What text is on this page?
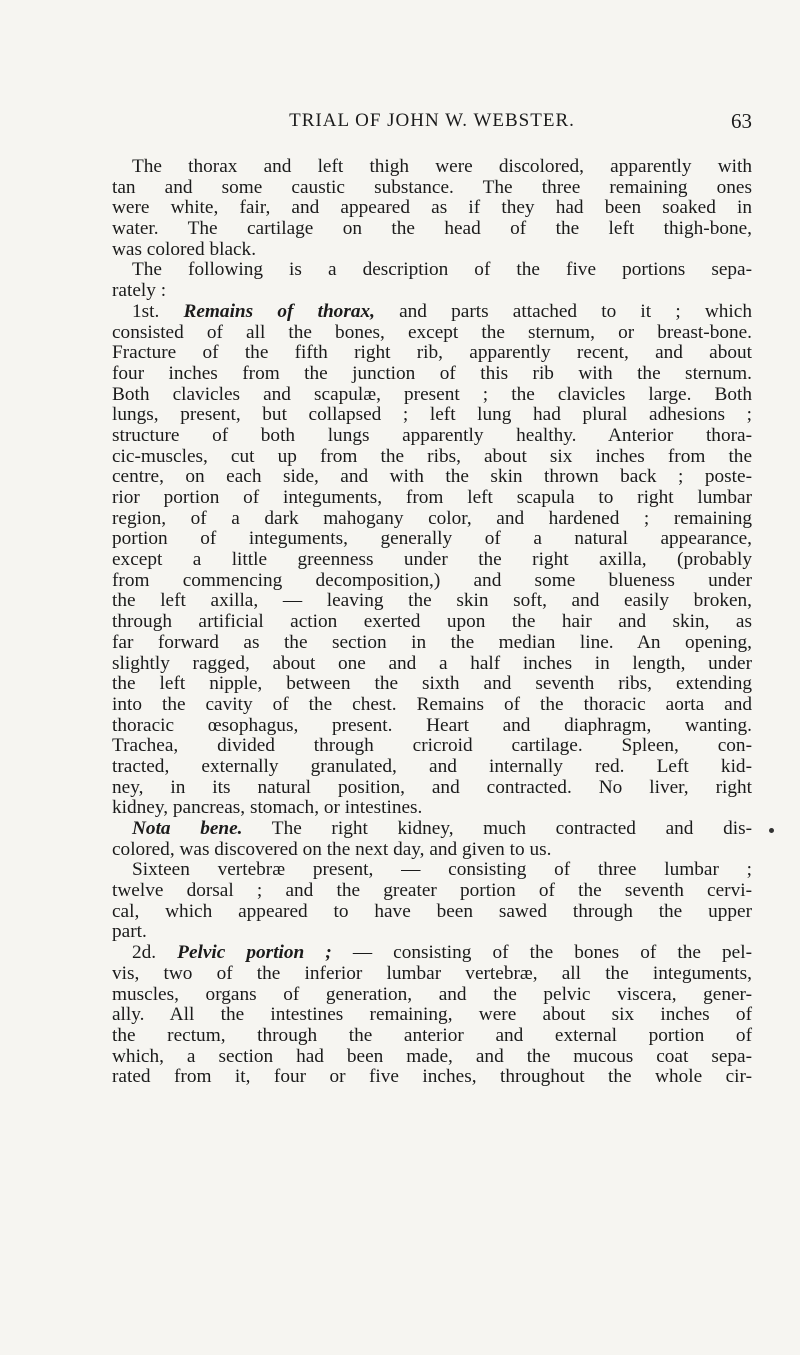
TRIAL OF JOHN W. WEBSTER.	63
The thorax and left thigh were discolored, apparently with
tan and some caustic substance. The three remaining ones
were white, fair, and appeared as if they had been soaked in
water. The cartilage on the head of the left thigh-bone,
was colored black.
The following is a description of the five portions sepa-
rately :
1st. Remains of thorax, and parts attached to it ; which
consisted of all the bones, except the sternum, or breast-bone.
Fracture of the fifth right rib, apparently recent, and about
four inches from the junction of this rib with the sternum.
Both clavicles and scapulæ, present ; the clavicles large. Both
lungs, present, but collapsed ; left lung had plural adhesions ;
structure of both lungs apparently healthy. Anterior thora-
cic-muscles, cut up from the ribs, about six inches from the
centre, on each side, and with the skin thrown back ; poste-
rior portion of integuments, from left scapula to right lumbar
region, of a dark mahogany color, and hardened ; remaining
portion of integuments, generally of a natural appearance,
except a little greenness under the right axilla, (probably
from commencing decomposition,) and some blueness under
the left axilla, — leaving the skin soft, and easily broken,
through artificial action exerted upon the hair and skin, as
far forward as the section in the median line. An opening,
slightly ragged, about one and a half inches in length, under
the left nipple, between the sixth and seventh ribs, extending
into the cavity of the chest. Remains of the thoracic aorta and
thoracic œsophagus, present. Heart and diaphragm, wanting.
Trachea, divided through cricroid cartilage. Spleen, con-
tracted, externally granulated, and internally red. Left kid-
ney, in its natural position, and contracted. No liver, right
kidney, pancreas, stomach, or intestines.
Nota bene. The right kidney, much contracted and dis-
colored, was discovered on the next day, and given to us.
Sixteen vertebræ present, — consisting of three lumbar ;
twelve dorsal ; and the greater portion of the seventh cervi-
cal, which appeared to have been sawed through the upper
part.
2d. Pelvic portion ; — consisting of the bones of the pel-
vis, two of the inferior lumbar vertebræ, all the integuments,
muscles, organs of generation, and the pelvic viscera, gener-
ally. All the intestines remaining, were about six inches of
the rectum, through the anterior and external portion of
which, a section had been made, and the mucous coat sepa-
rated from it, four or five inches, throughout the whole cir-
